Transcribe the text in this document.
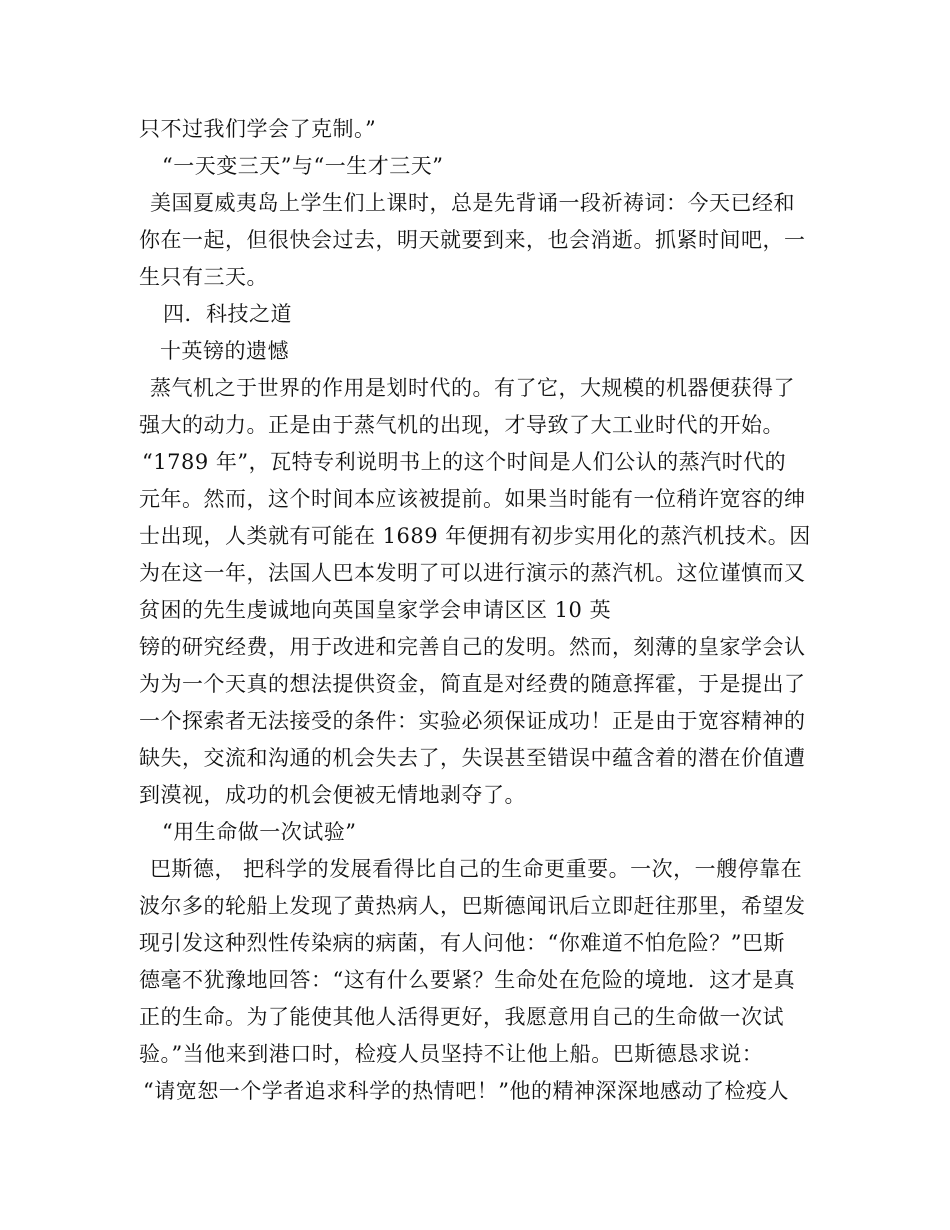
只不过我们学会了克制。”
“一天变三天”与“一生才三天”
美国夏威夷岛上学生们上课时，总是先背诵一段祈祷词：今天已经和
你在一起，但很快会过去，明天就要到来，也会消逝。抓紧时间吧，一
生只有三天。
四．科技之道
十英镑的遗憾
蒸气机之于世界的作用是划时代的。有了它，大规模的机器便获得了
强大的动力。正是由于蒸气机的出现，才导致了大工业时代的开始。
“1789 年”，瓦特专利说明书上的这个时间是人们公认的蒸汽时代的
元年。然而，这个时间本应该被提前。如果当时能有一位稍许宽容的绅
士出现，人类就有可能在 1689 年便拥有初步实用化的蒸汽机技术。因
为在这一年，法国人巴本发明了可以进行演示的蒸汽机。这位谨慎而又
贫困的先生虔诚地向英国皇家学会申请区区 10 英
镑的研究经费，用于改进和完善自己的发明。然而，刻薄的皇家学会认
为为一个天真的想法提供资金，简直是对经费的随意挥霍，于是提出了
一个探索者无法接受的条件：实验必须保证成功！正是由于宽容精神的
缺失，交流和沟通的机会失去了，失误甚至错误中蕴含着的潜在价值遭
到漠视，成功的机会便被无情地剥夺了。
“用生命做一次试验”
巴斯德， 把科学的发展看得比自己的生命更重要。一次，一艘停靠在
波尔多的轮船上发现了黄热病人，巴斯德闻讯后立即赶往那里，希望发
现引发这种烈性传染病的病菌，有人问他：“你难道不怕危险？”巴斯
德毫不犹豫地回答：“这有什么要紧？生命处在危险的境地．这才是真
正的生命。为了能使其他人活得更好，我愿意用自己的生命做一次试
验。”当他来到港口时，检疫人员坚持不让他上船。巴斯德恳求说：
“请宽恕一个学者追求科学的热情吧！”他的精神深深地感动了检疫人
